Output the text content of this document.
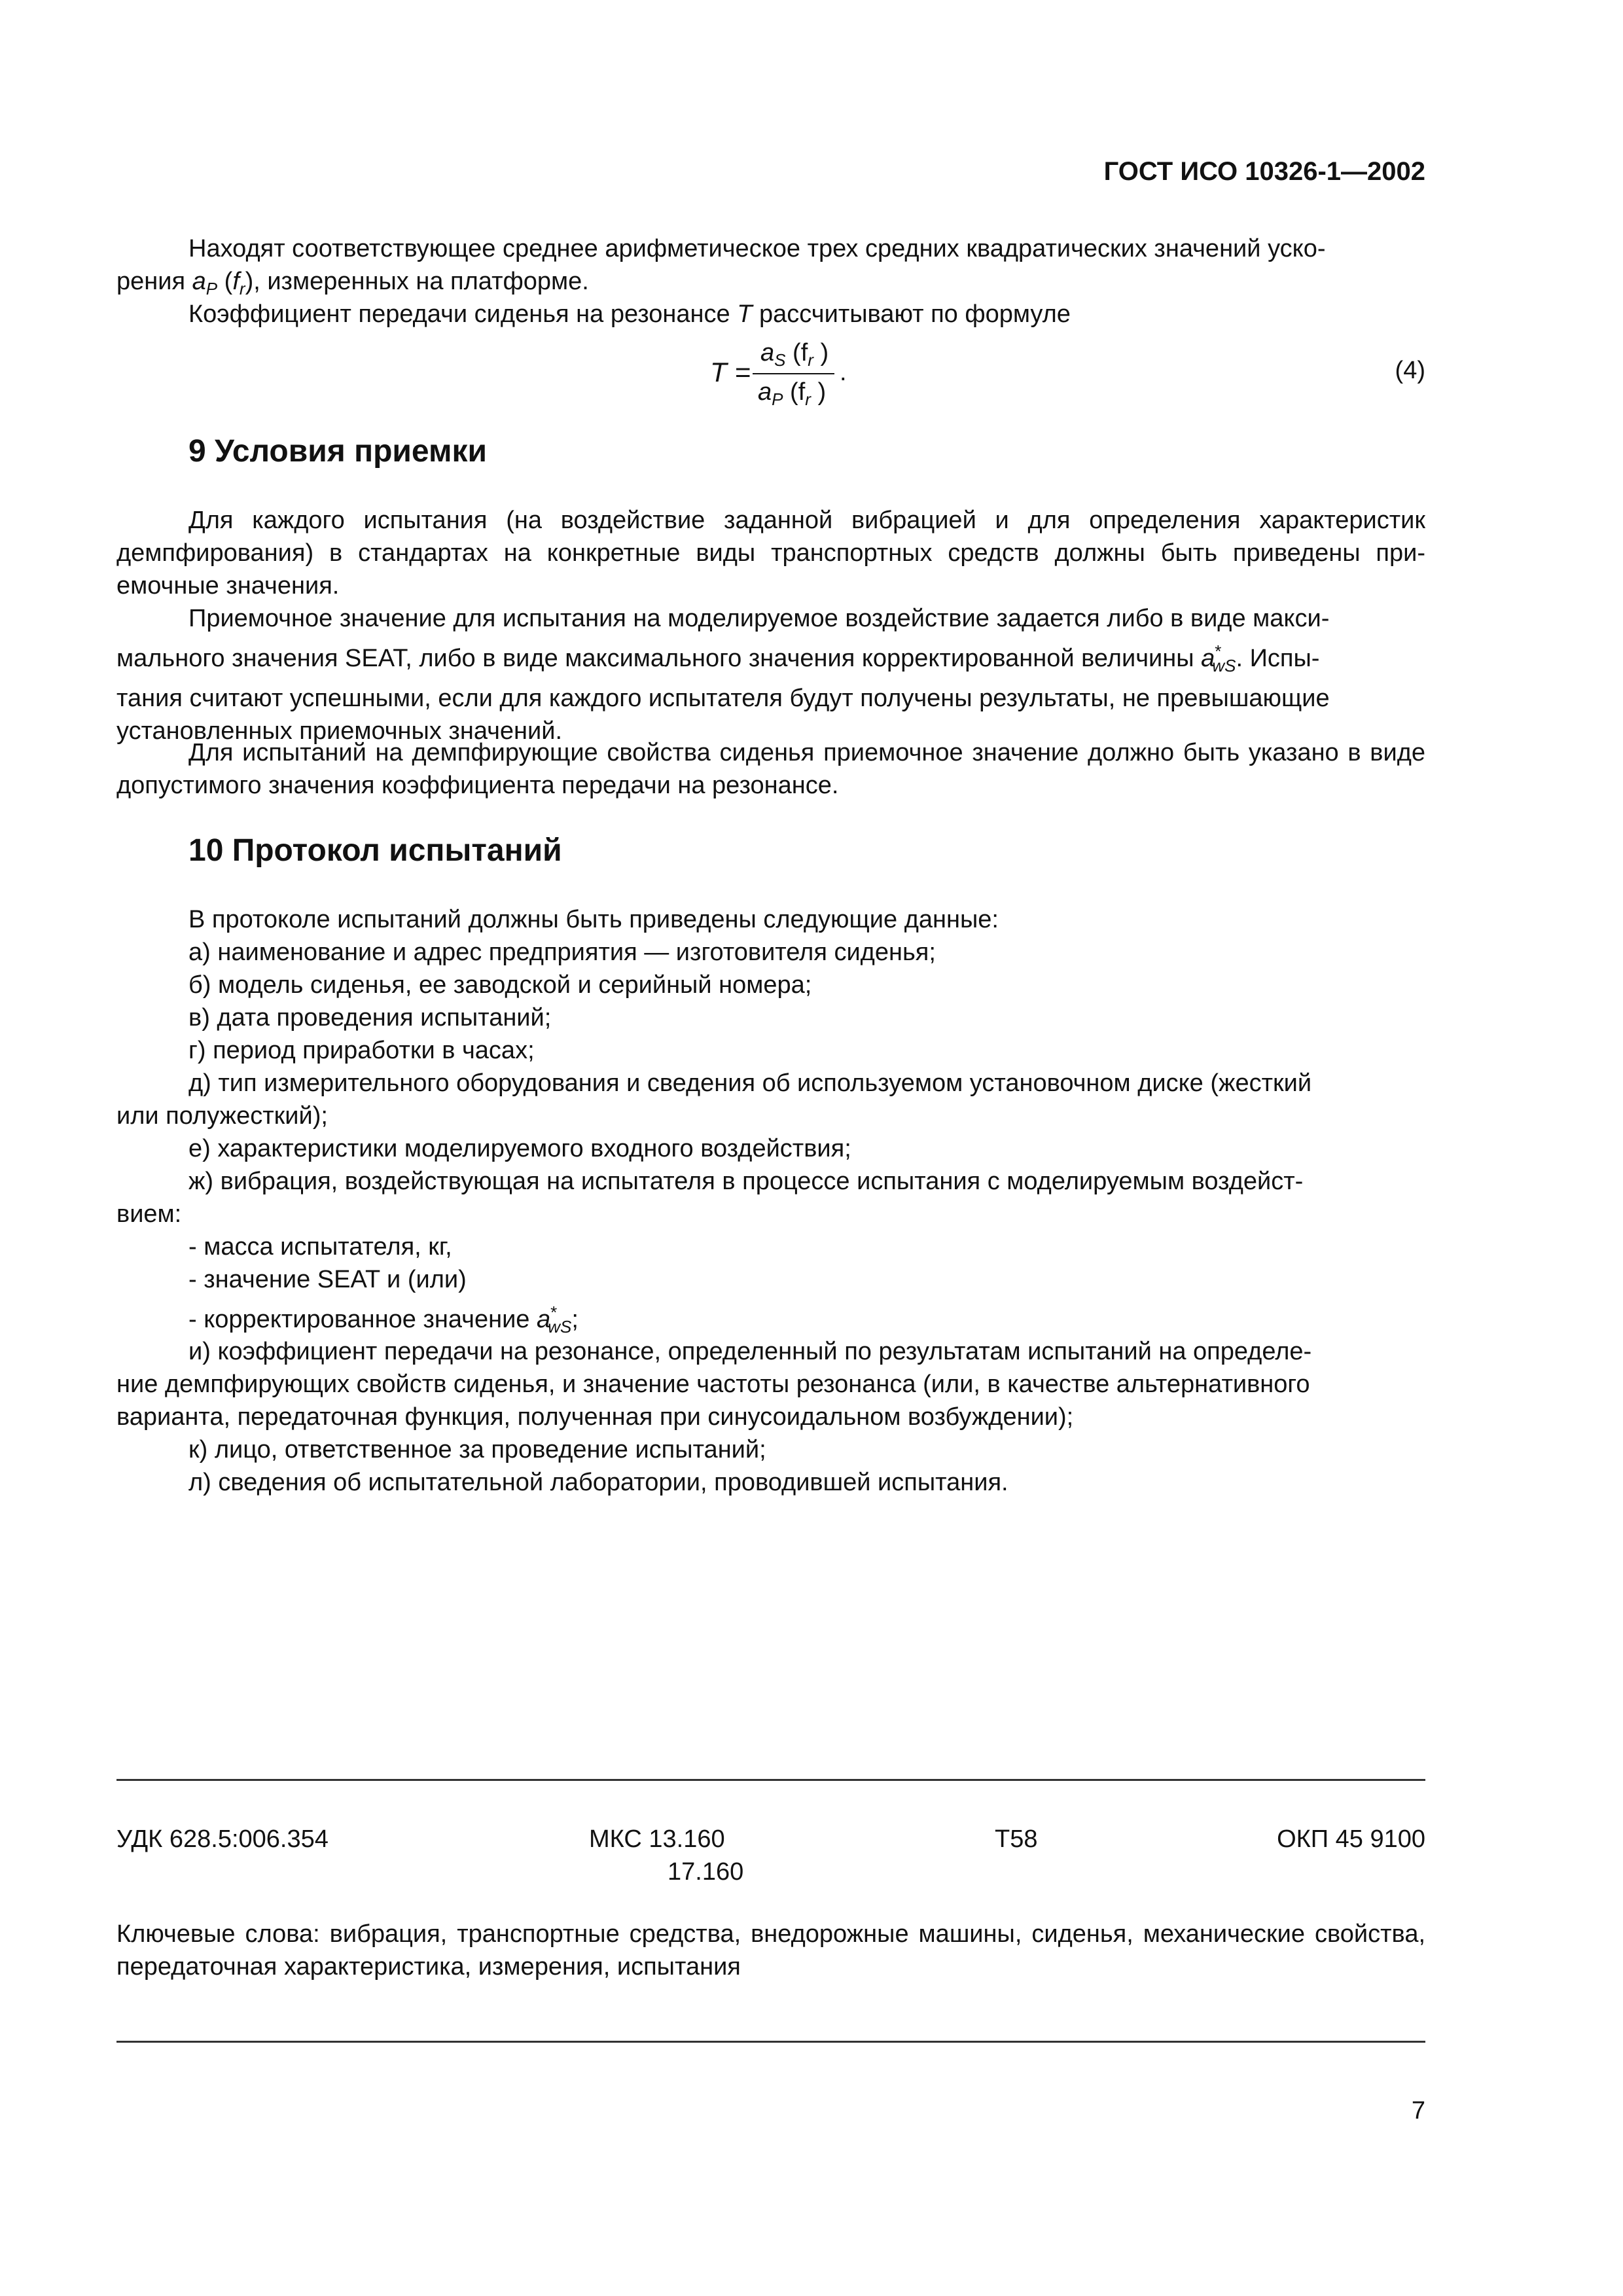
ГОСТ ИСО 10326-1—2002

Находят соответствующее среднее арифметическое трех средних квадратических значений уско-
рения $a_P$ $(f_r)$, измеренных на платформе.

Коэффициент передачи сиденья на резонансе T рассчитывают по формуле

T =
$a_S$ ($f_r$ )
$a_P$ ($f_r$ )
.	(4)
9 Условия приемки

Для каждого испытания (на воздействие заданной вибрацией и для определения характеристик демпфирования) в стандартах на конкретные виды транспортных средств должны быть приведены при- емочные значения.

Приемочное значение для испытания на моделируемое воздействие задается либо в виде макси-
мального значения SEAT, либо в виде максимального значения корректированной величины $a^*_{wS}$. Испы-
тания считают успешными, если для каждого испытателя будут получены результаты, не превышающие
установленных приемочных значений.

Для испытаний на демпфирующие свойства сиденья приемочное значение должно быть указано в виде допустимого значения коэффициента передачи на резонансе.

10 Протокол испытаний
В протоколе испытаний должны быть приведены следующие данные:
а) наименование и адрес предприятия — изготовителя сиденья;
б) модель сиденья, ее заводской и серийный номера;
в) дата проведения испытаний;
г) период приработки в часах;
д) тип измерительного оборудования и сведения об используемом установочном диске (жесткий
или полужесткий);
е) характеристики моделируемого входного воздействия;
ж) вибрация, воздействующая на испытателя в процессе испытания с моделируемым воздейст-
вием:
- масса испытателя, кг,
- значение SEAT и (или)
- корректированное значение $a^*_{wS}$;
и) коэффициент передачи на резонансе, определенный по результатам испытаний на определе-
ние демпфирующих свойств сиденья, и значение частоты резонанса (или, в качестве альтернативного
варианта, передаточная функция, полученная при синусоидальном возбуждении);
к) лицо, ответственное за проведение испытаний;
л) сведения об испытательной лаборатории, проводившей испытания.
УДК 628.5:006.354	МКС 13.160
17.160
Т58	ОКП 45 9100
Ключевые слова: вибрация, транспортные средства, внедорожные машины, сиденья, механические свойства, передаточная характеристика, измерения, испытания
7
